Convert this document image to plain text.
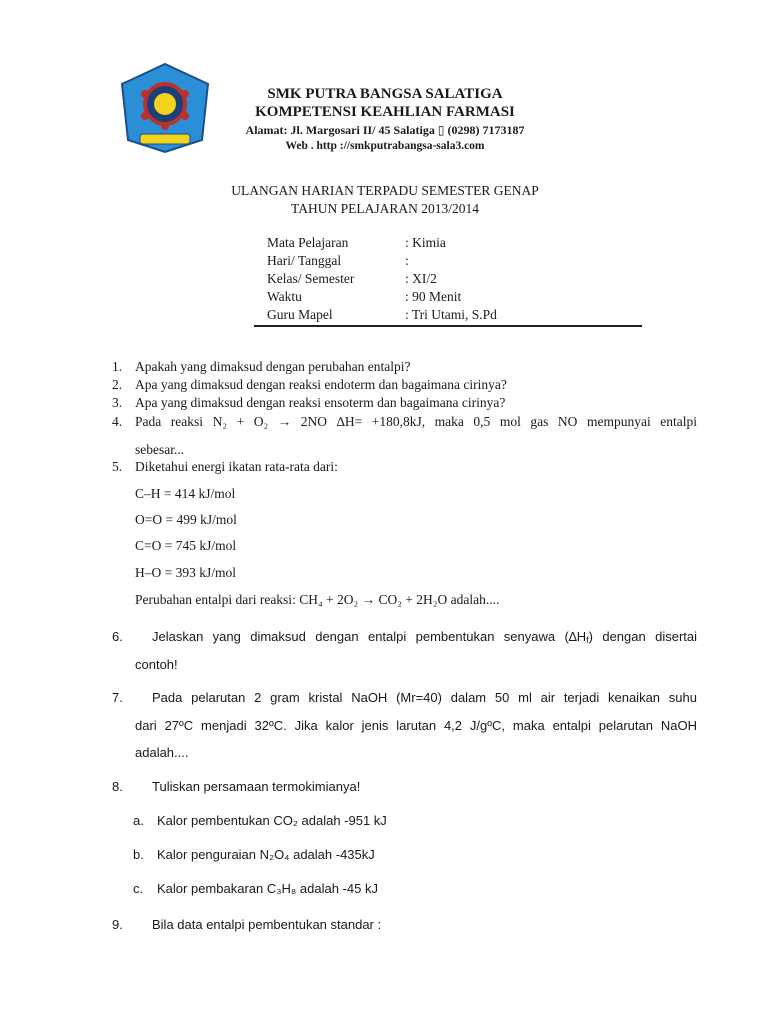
SMK PUTRA BANGSA SALATIGA
KOMPETENSI KEAHLIAN FARMASI
Alamat: Jl. Margosari II/ 45 Salatiga ▯ (0298) 7173187
Web . http ://smkputrabangsa-sala3.com
ULANGAN HARIAN TERPADU SEMESTER GENAP
TAHUN PELAJARAN 2013/2014
Mata Pelajaran	: Kimia
Hari/ Tanggal	:
Kelas/ Semester	: XI/2
Waktu	: 90 Menit
Guru Mapel	: Tri Utami, S.Pd
1. Apakah yang dimaksud dengan perubahan entalpi?
2. Apa yang dimaksud dengan reaksi endoterm dan bagaimana cirinya?
3. Apa yang dimaksud dengan reaksi ensoterm dan bagaimana cirinya?
4. Pada reaksi N₂ + O₂ → 2NO ∆H= +180,8kJ, maka 0,5 mol gas NO mempunyai entalpi
sebesar...
5. Diketahui energi ikatan rata-rata dari:
C–H = 414 kJ/mol
O=O = 499 kJ/mol
C=O = 745 kJ/mol
H–O = 393 kJ/mol
Perubahan entalpi dari reaksi: CH₄ + 2O₂ → CO₂ + 2H₂O adalah....
6. Jelaskan yang dimaksud dengan entalpi pembentukan senyawa $(\Delta H_f)$ dengan disertai
contoh!
7. Pada pelarutan 2 gram kristal NaOH (Mr=40) dalam 50 ml air terjadi kenaikan suhu
dari 27ºC menjadi 32ºC. Jika kalor jenis larutan 4,2 J/gºC, maka entalpi pelarutan NaOH
adalah....
8. Tuliskan persamaan termokimianya!
a. Kalor pembentukan CO₂ adalah -951 kJ
b. Kalor penguraian N₂O₄ adalah -435kJ
c. Kalor pembakaran C₃H₈ adalah -45 kJ
9. Bila data entalpi pembentukan standar :
